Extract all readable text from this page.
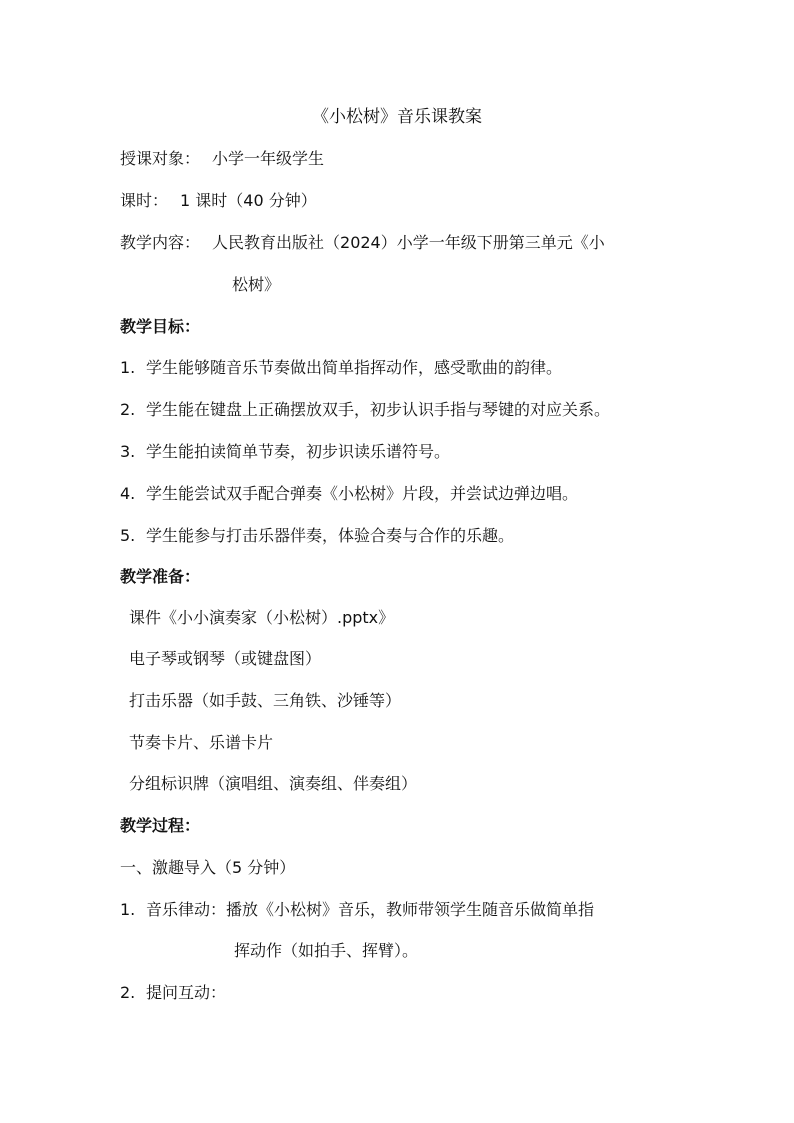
《小松树》音乐课教案
授课对象： 小学一年级学生
课时： 1 课时（40 分钟）
教学内容： 人民教育出版社（2024）小学一年级下册第三单元《小
松树》
教学目标：
1. 学生能够随音乐节奏做出简单指挥动作，感受歌曲的韵律。
2. 学生能在键盘上正确摆放双手，初步认识手指与琴键的对应关系。
3. 学生能拍读简单节奏，初步识读乐谱符号。
4. 学生能尝试双手配合弹奏《小松树》片段，并尝试边弹边唱。
5. 学生能参与打击乐器伴奏，体验合奏与合作的乐趣。
教学准备：
课件《小小演奏家（小松树）.pptx》
电子琴或钢琴（或键盘图）
打击乐器（如手鼓、三角铁、沙锤等）
节奏卡片、乐谱卡片
分组标识牌（演唱组、演奏组、伴奏组）
教学过程：
一、激趣导入（5 分钟）
1. 音乐律动：播放《小松树》音乐，教师带领学生随音乐做简单指
挥动作（如拍手、挥臂）。
2. 提问互动：
